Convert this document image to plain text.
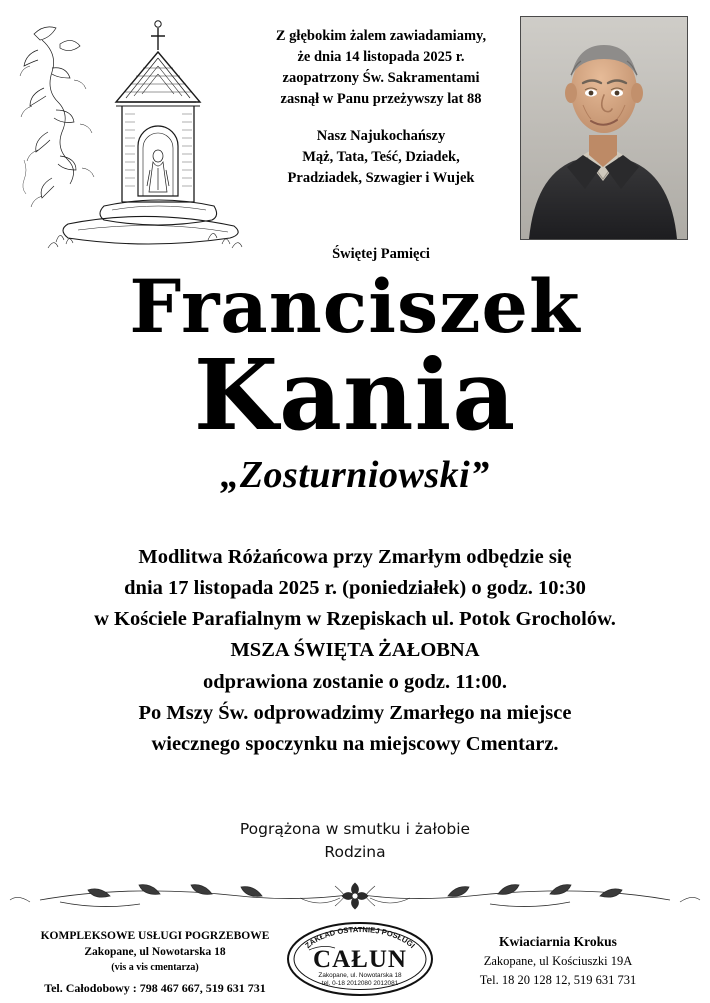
Z głębokim żalem zawiadamiamy,
że dnia 14 listopada 2025 r.
zaopatrzony Św. Sakramentami
zasnął w Panu przeżywszy lat 88
Nasz Najukochańszy
Mąż, Tata, Teść, Dziadek,
Pradziadek, Szwagier i Wujek
Świętej Pamięci
Franciszek
Kania
„Zosturniowski”
Modlitwa Różańcowa przy Zmarłym odbędzie się
dnia 17 listopada 2025 r. (poniedziałek) o godz. 10:30
w Kościele Parafialnym w Rzepiskach ul. Potok Grocholów.
MSZA ŚWIĘTA ŻAŁOBNA
odprawiona zostanie o godz. 11:00.
Po Mszy Św. odprowadzimy Zmarłego na miejsce
wiecznego spoczynku na miejscowy Cmentarz.
Pogrążona w smutku i żałobie
Rodzina
KOMPLEKSOWE USŁUGI POGRZEBOWE
Zakopane, ul Nowotarska 18
(vis a vis cmentarza)
Tel. Całodobowy : 798 467 667, 519 631 731
ZAKŁAD OSTATNIEJ POSŁUGI
CAŁUN
Zakopane, ul. Nowotarska 18
tel. 0-18 2012080 2012081
Kwiaciarnia Krokus
Zakopane, ul Kościuszki 19A
Tel. 18 20 128 12, 519 631 731
